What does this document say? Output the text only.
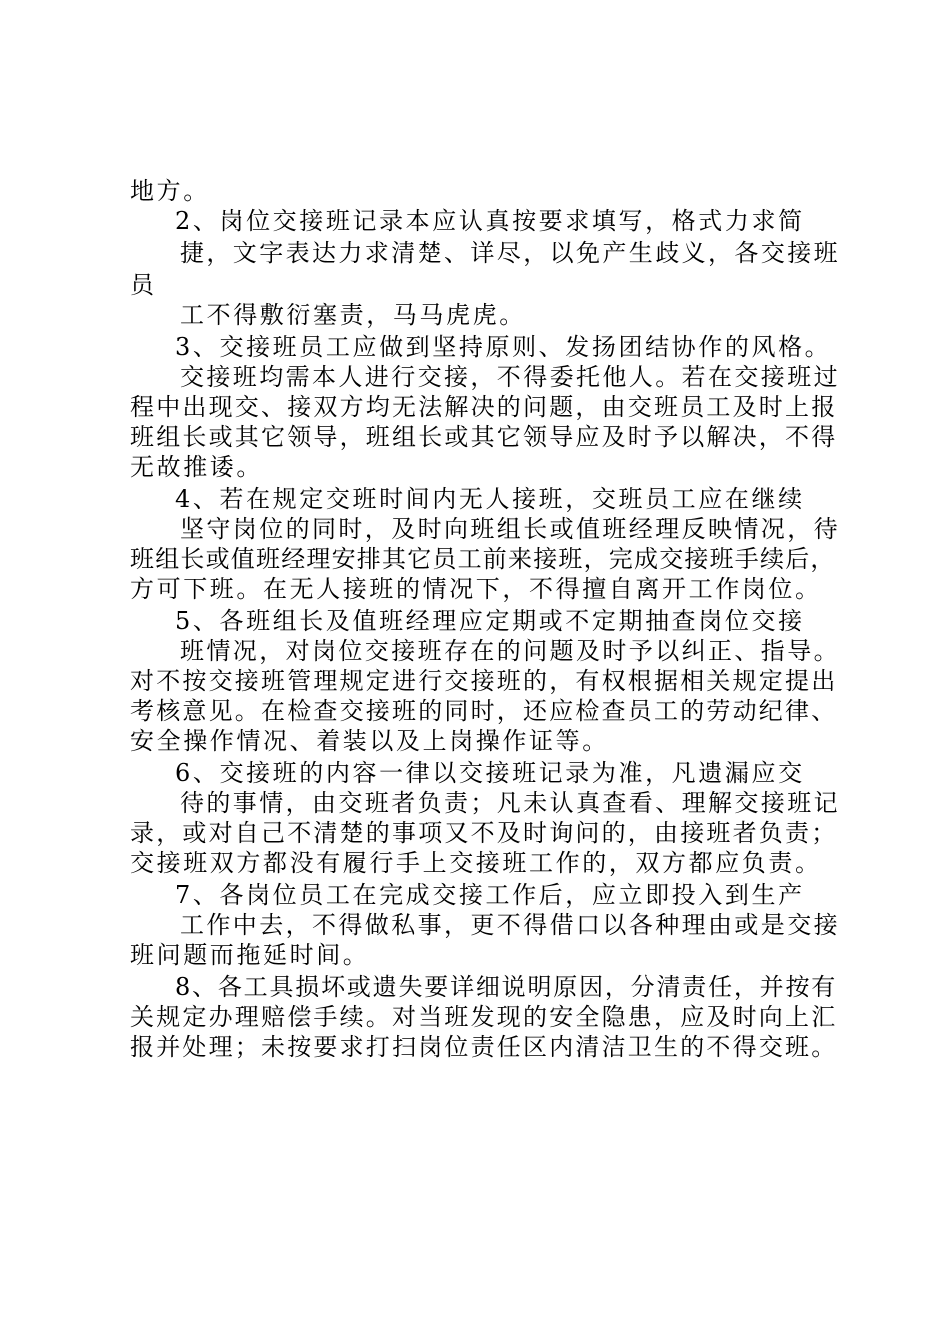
地方。
2、岗位交接班记录本应认真按要求填写，格式力求简
捷，文字表达力求清楚、详尽，以免产生歧义，各交接班
员
工不得敷衍塞责，马马虎虎。
3、交接班员工应做到坚持原则、发扬团结协作的风格。
交接班均需本人进行交接，不得委托他人。若在交接班过
程中出现交、接双方均无法解决的问题，由交班员工及时上报
班组长或其它领导，班组长或其它领导应及时予以解决，不得
无故推诿。
4、若在规定交班时间内无人接班，交班员工应在继续
坚守岗位的同时，及时向班组长或值班经理反映情况，待
班组长或值班经理安排其它员工前来接班，完成交接班手续后，
方可下班。在无人接班的情况下，不得擅自离开工作岗位。
5、各班组长及值班经理应定期或不定期抽查岗位交接
班情况，对岗位交接班存在的问题及时予以纠正、指导。
对不按交接班管理规定进行交接班的，有权根据相关规定提出
考核意见。在检查交接班的同时，还应检查员工的劳动纪律、
安全操作情况、着装以及上岗操作证等。
6、交接班的内容一律以交接班记录为准，凡遗漏应交
待的事情，由交班者负责；凡未认真查看、理解交接班记
录，或对自己不清楚的事项又不及时询问的，由接班者负责；
交接班双方都没有履行手上交接班工作的，双方都应负责。
7、各岗位员工在完成交接工作后，应立即投入到生产
工作中去，不得做私事，更不得借口以各种理由或是交接
班问题而拖延时间。
8、各工具损坏或遗失要详细说明原因，分清责任，并按有
关规定办理赔偿手续。对当班发现的安全隐患，应及时向上汇
报并处理；未按要求打扫岗位责任区内清洁卫生的不得交班。
